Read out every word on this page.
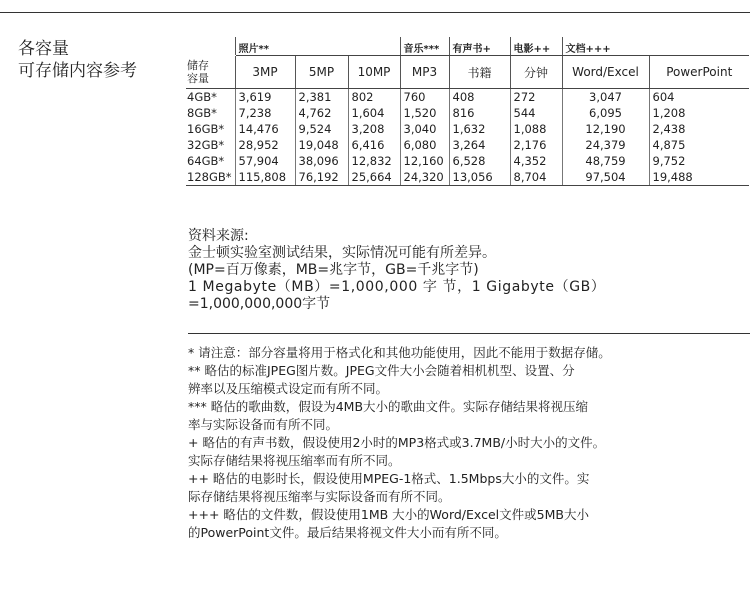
各容量
可存储内容参考
	照片**			音乐***	有声书+	电影++	文档+++	

储存
容量	3MP	5MP	10MP	MP3	书籍	分钟	Word/Excel	PowerPoint
4GB*	3,619	2,381	802	760	408	272	3,047	604
8GB*	7,238	4,762	1,604	1,520	816	544	6,095	1,208
16GB*	14,476	9,524	3,208	3,040	1,632	1,088	12,190	2,438
32GB*	28,952	19,048	6,416	6,080	3,264	2,176	24,379	4,875
64GB*	57,904	38,096	12,832	12,160	6,528	4,352	48,759	9,752
128GB*	115,808	76,192	25,664	24,320	13,056	8,704	97,504	19,488
资料来源:
金士顿实验室测试结果，实际情况可能有所差异。
(MP=百万像素，MB=兆字节，GB=千兆字节)
1 Megabyte（MB）=1,000,000 字 节，1 Gigabyte（GB）
=1,000,000,000字节
* 请注意：部分容量将用于格式化和其他功能使用，因此不能用于数据存储。
** 略估的标准JPEG图片数。JPEG文件大小会随着相机机型、设置、分
辨率以及压缩模式设定而有所不同。
*** 略估的歌曲数，假设为4MB大小的歌曲文件。实际存储结果将视压缩
率与实际设备而有所不同。
+ 略估的有声书数，假设使用2小时的MP3格式或3.7MB/小时大小的文件。
实际存储结果将视压缩率而有所不同。
++ 略估的电影时长，假设使用MPEG-1格式、1.5Mbps大小的文件。实
际存储结果将视压缩率与实际设备而有所不同。
+++ 略估的文件数，假设使用1MB 大小的Word/Excel文件或5MB大小
的PowerPoint文件。最后结果将视文件大小而有所不同。
